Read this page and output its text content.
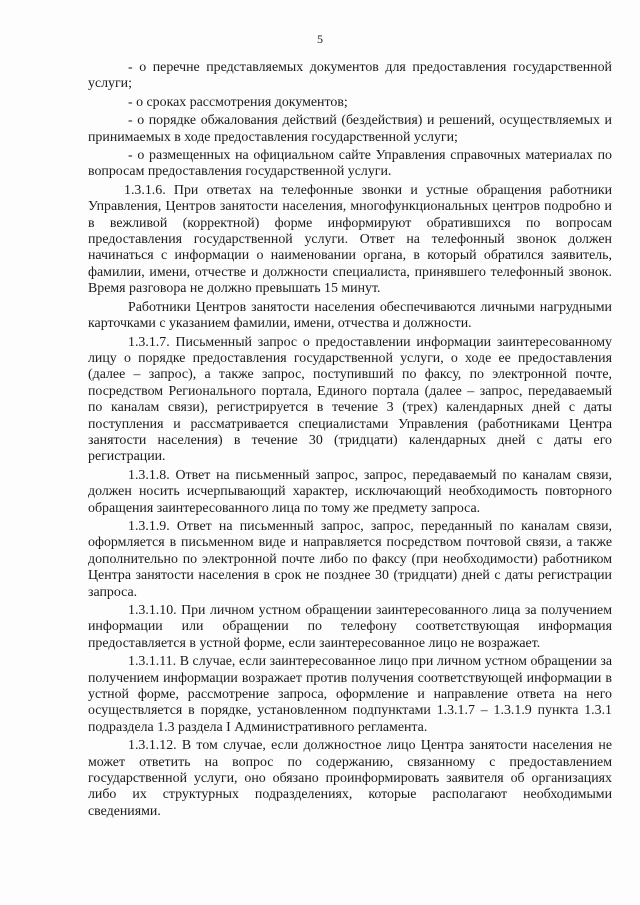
5

- о перечне представляемых документов для предоставления государственной услуги;

- о сроках рассмотрения документов;

- о порядке обжалования действий (бездействия) и решений, осуществляемых и принимаемых в ходе предоставления государственной услуги;

- о размещенных на официальном сайте Управления справочных материалах по вопросам предоставления государственной услуги.

1.3.1.6. При ответах на телефонные звонки и устные обращения работники Управления, Центров занятости населения, многофункциональных центров подробно и в вежливой (корректной) форме информируют обратившихся по вопросам предоставления государственной услуги. Ответ на телефонный звонок должен начинаться с информации о наименовании органа, в который обратился заявитель, фамилии, имени, отчестве и должности специалиста, принявшего телефонный звонок. Время разговора не должно превышать 15 минут.

Работники Центров занятости населения обеспечиваются личными нагрудными карточками с указанием фамилии, имени, отчества и должности.

1.3.1.7. Письменный запрос о предоставлении информации заинтересованному лицу о порядке предоставления государственной услуги, о ходе ее предоставления (далее – запрос), а также запрос, поступивший по факсу, по электронной почте, посредством Регионального портала, Единого портала (далее – запрос, передаваемый по каналам связи), регистрируется в течение 3 (трех) календарных дней с даты поступления и рассматривается специалистами Управления (работниками Центра занятости населения) в течение 30 (тридцати) календарных дней с даты его регистрации.

1.3.1.8. Ответ на письменный запрос, запрос, передаваемый по каналам связи, должен носить исчерпывающий характер, исключающий необходимость повторного обращения заинтересованного лица по тому же предмету запроса.

1.3.1.9. Ответ на письменный запрос, запрос, переданный по каналам связи, оформляется в письменном виде и направляется посредством почтовой связи, а также дополнительно по электронной почте либо по факсу (при необходимости) работником Центра занятости населения в срок не позднее 30 (тридцати) дней с даты регистрации запроса.

1.3.1.10. При личном устном обращении заинтересованного лица за получением информации или обращении по телефону соответствующая информация предоставляется в устной форме, если заинтересованное лицо не возражает.

1.3.1.11. В случае, если заинтересованное лицо при личном устном обращении за получением информации возражает против получения соответствующей информации в устной форме, рассмотрение запроса, оформление и направление ответа на него осуществляется в порядке, установленном подпунктами 1.3.1.7 – 1.3.1.9 пункта 1.3.1 подраздела 1.3 раздела I Административного регламента.

1.3.1.12. В том случае, если должностное лицо Центра занятости населения не может ответить на вопрос по содержанию, связанному с предоставлением государственной услуги, оно обязано проинформировать заявителя об организациях либо их структурных подразделениях, которые располагают необходимыми сведениями.
